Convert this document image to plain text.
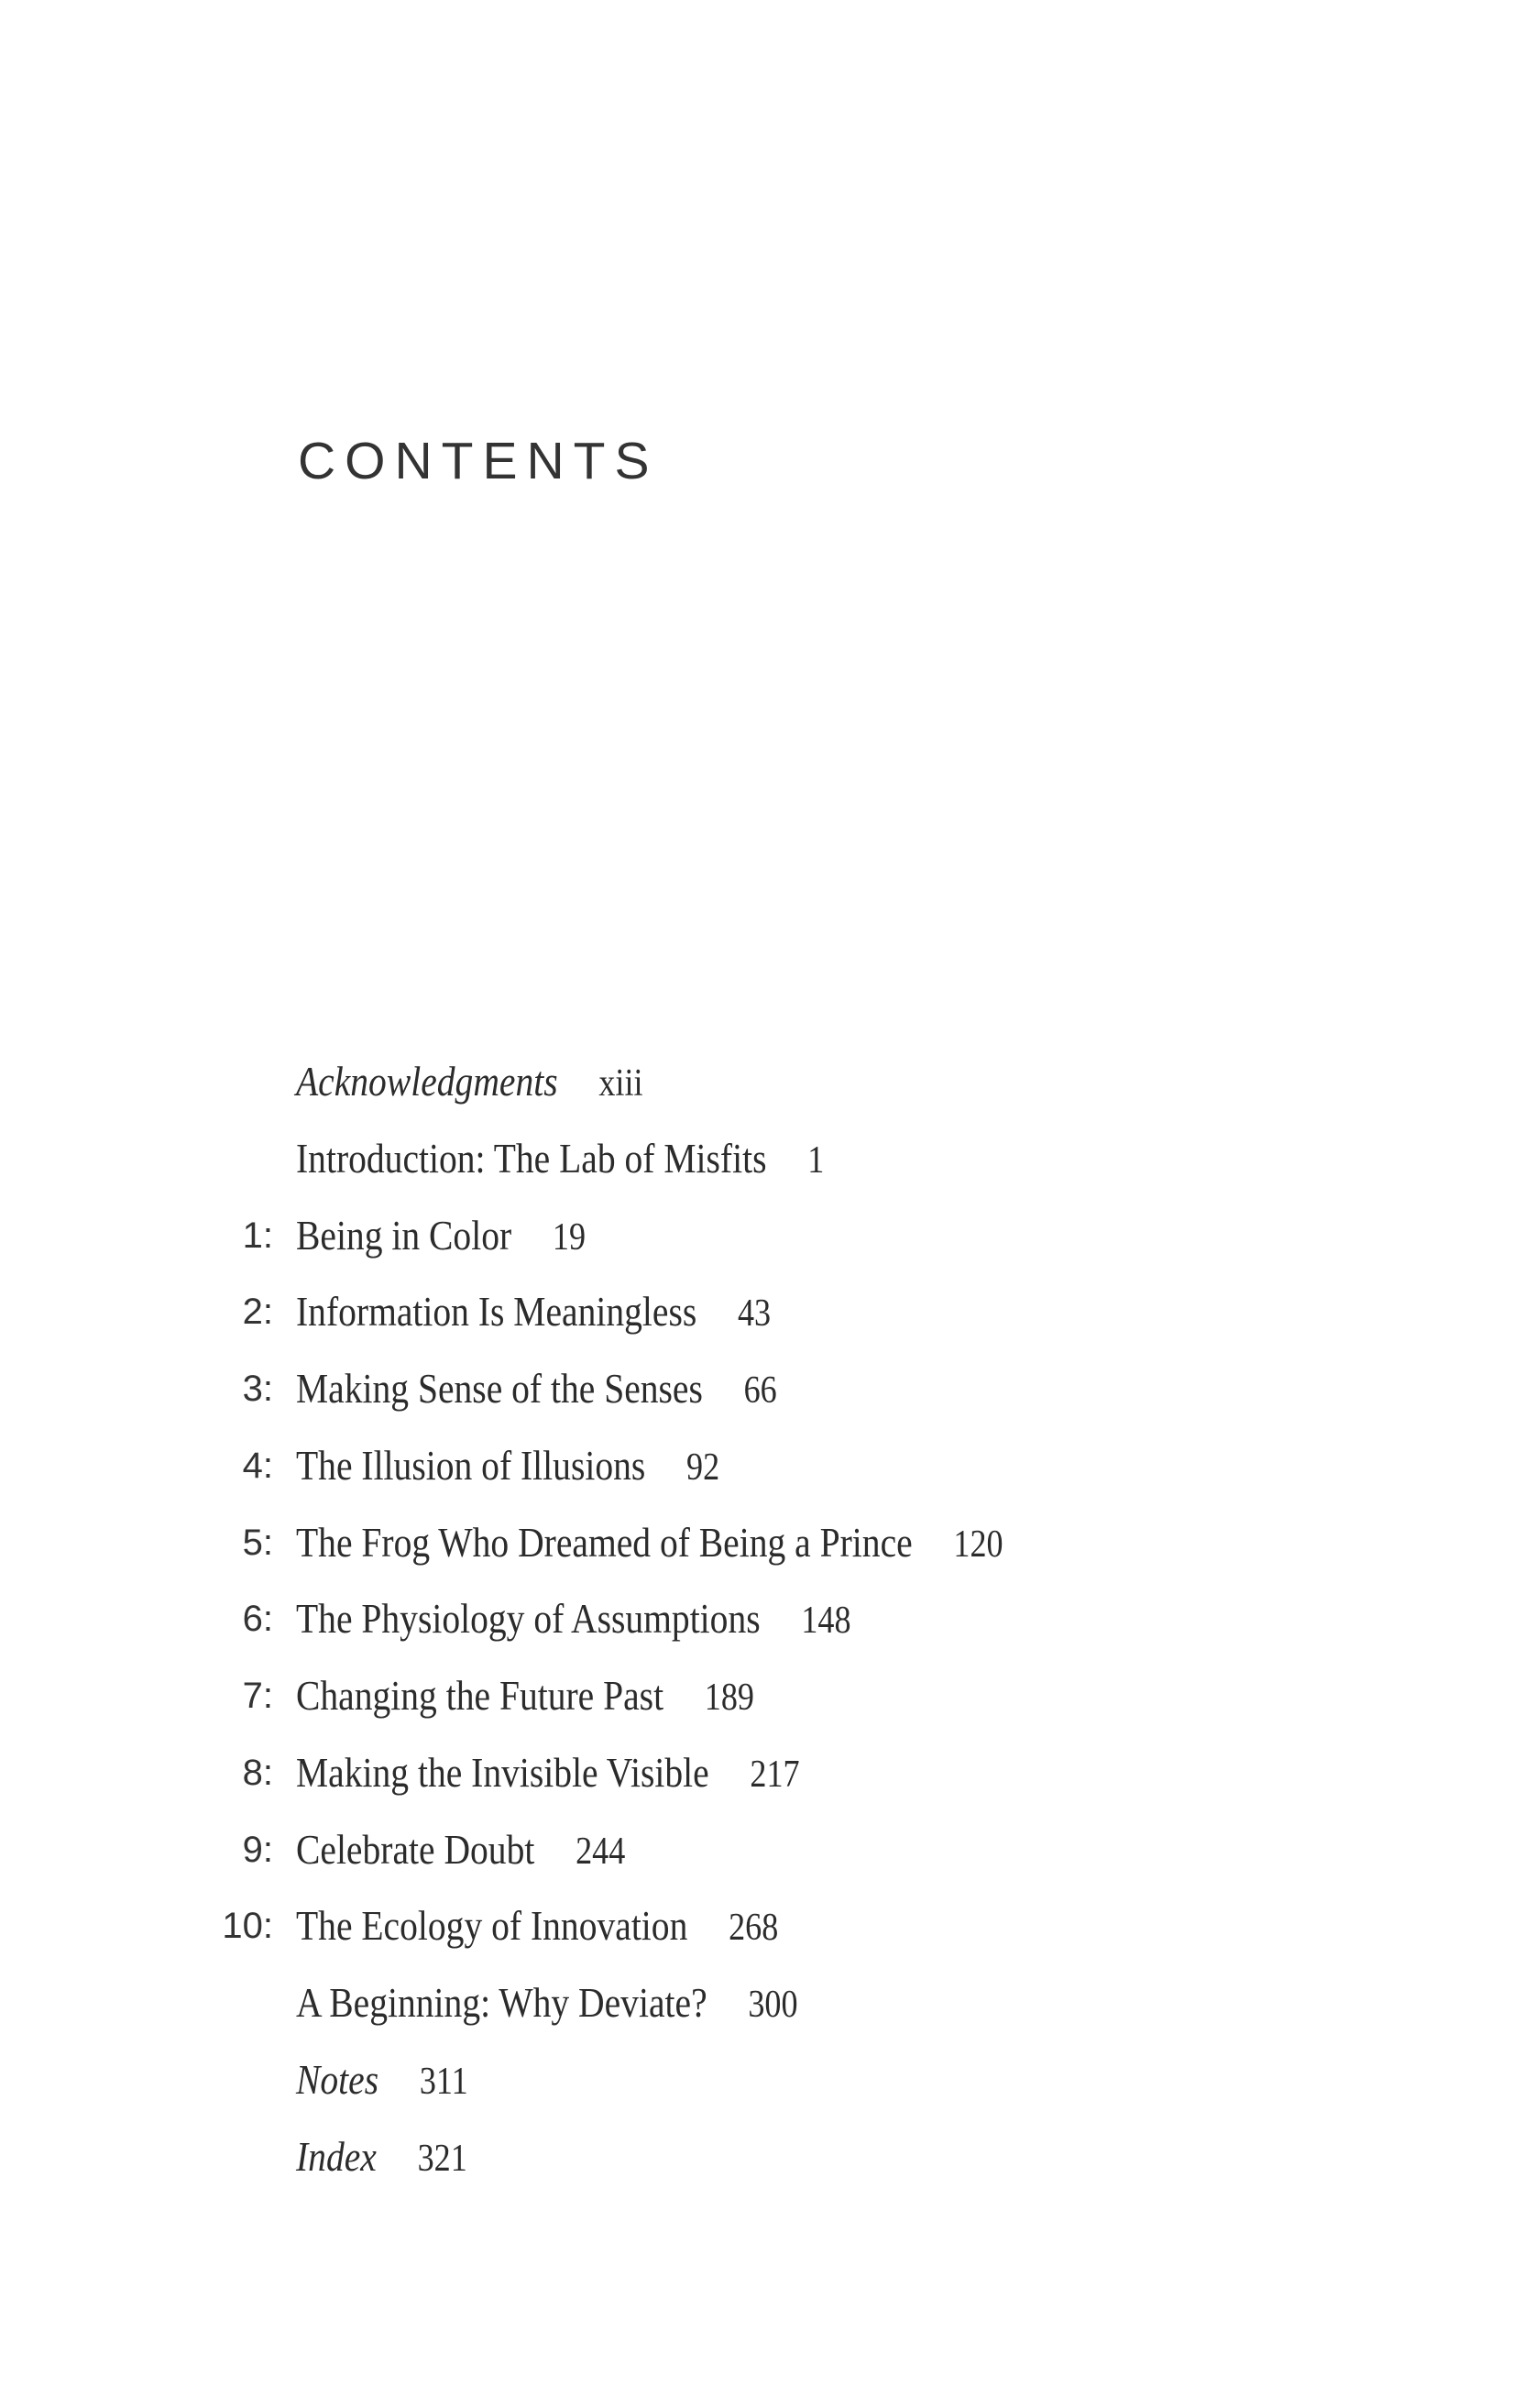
CONTENTS
Acknowledgments xiii
Introduction: The Lab of Misfits 1
1: Being in Color 19
2: Information Is Meaningless 43
3: Making Sense of the Senses 66
4: The Illusion of Illusions 92
5: The Frog Who Dreamed of Being a Prince 120
6: The Physiology of Assumptions 148
7: Changing the Future Past 189
8: Making the Invisible Visible 217
9: Celebrate Doubt 244
10: The Ecology of Innovation 268
A Beginning: Why Deviate? 300
Notes 311
Index 321
